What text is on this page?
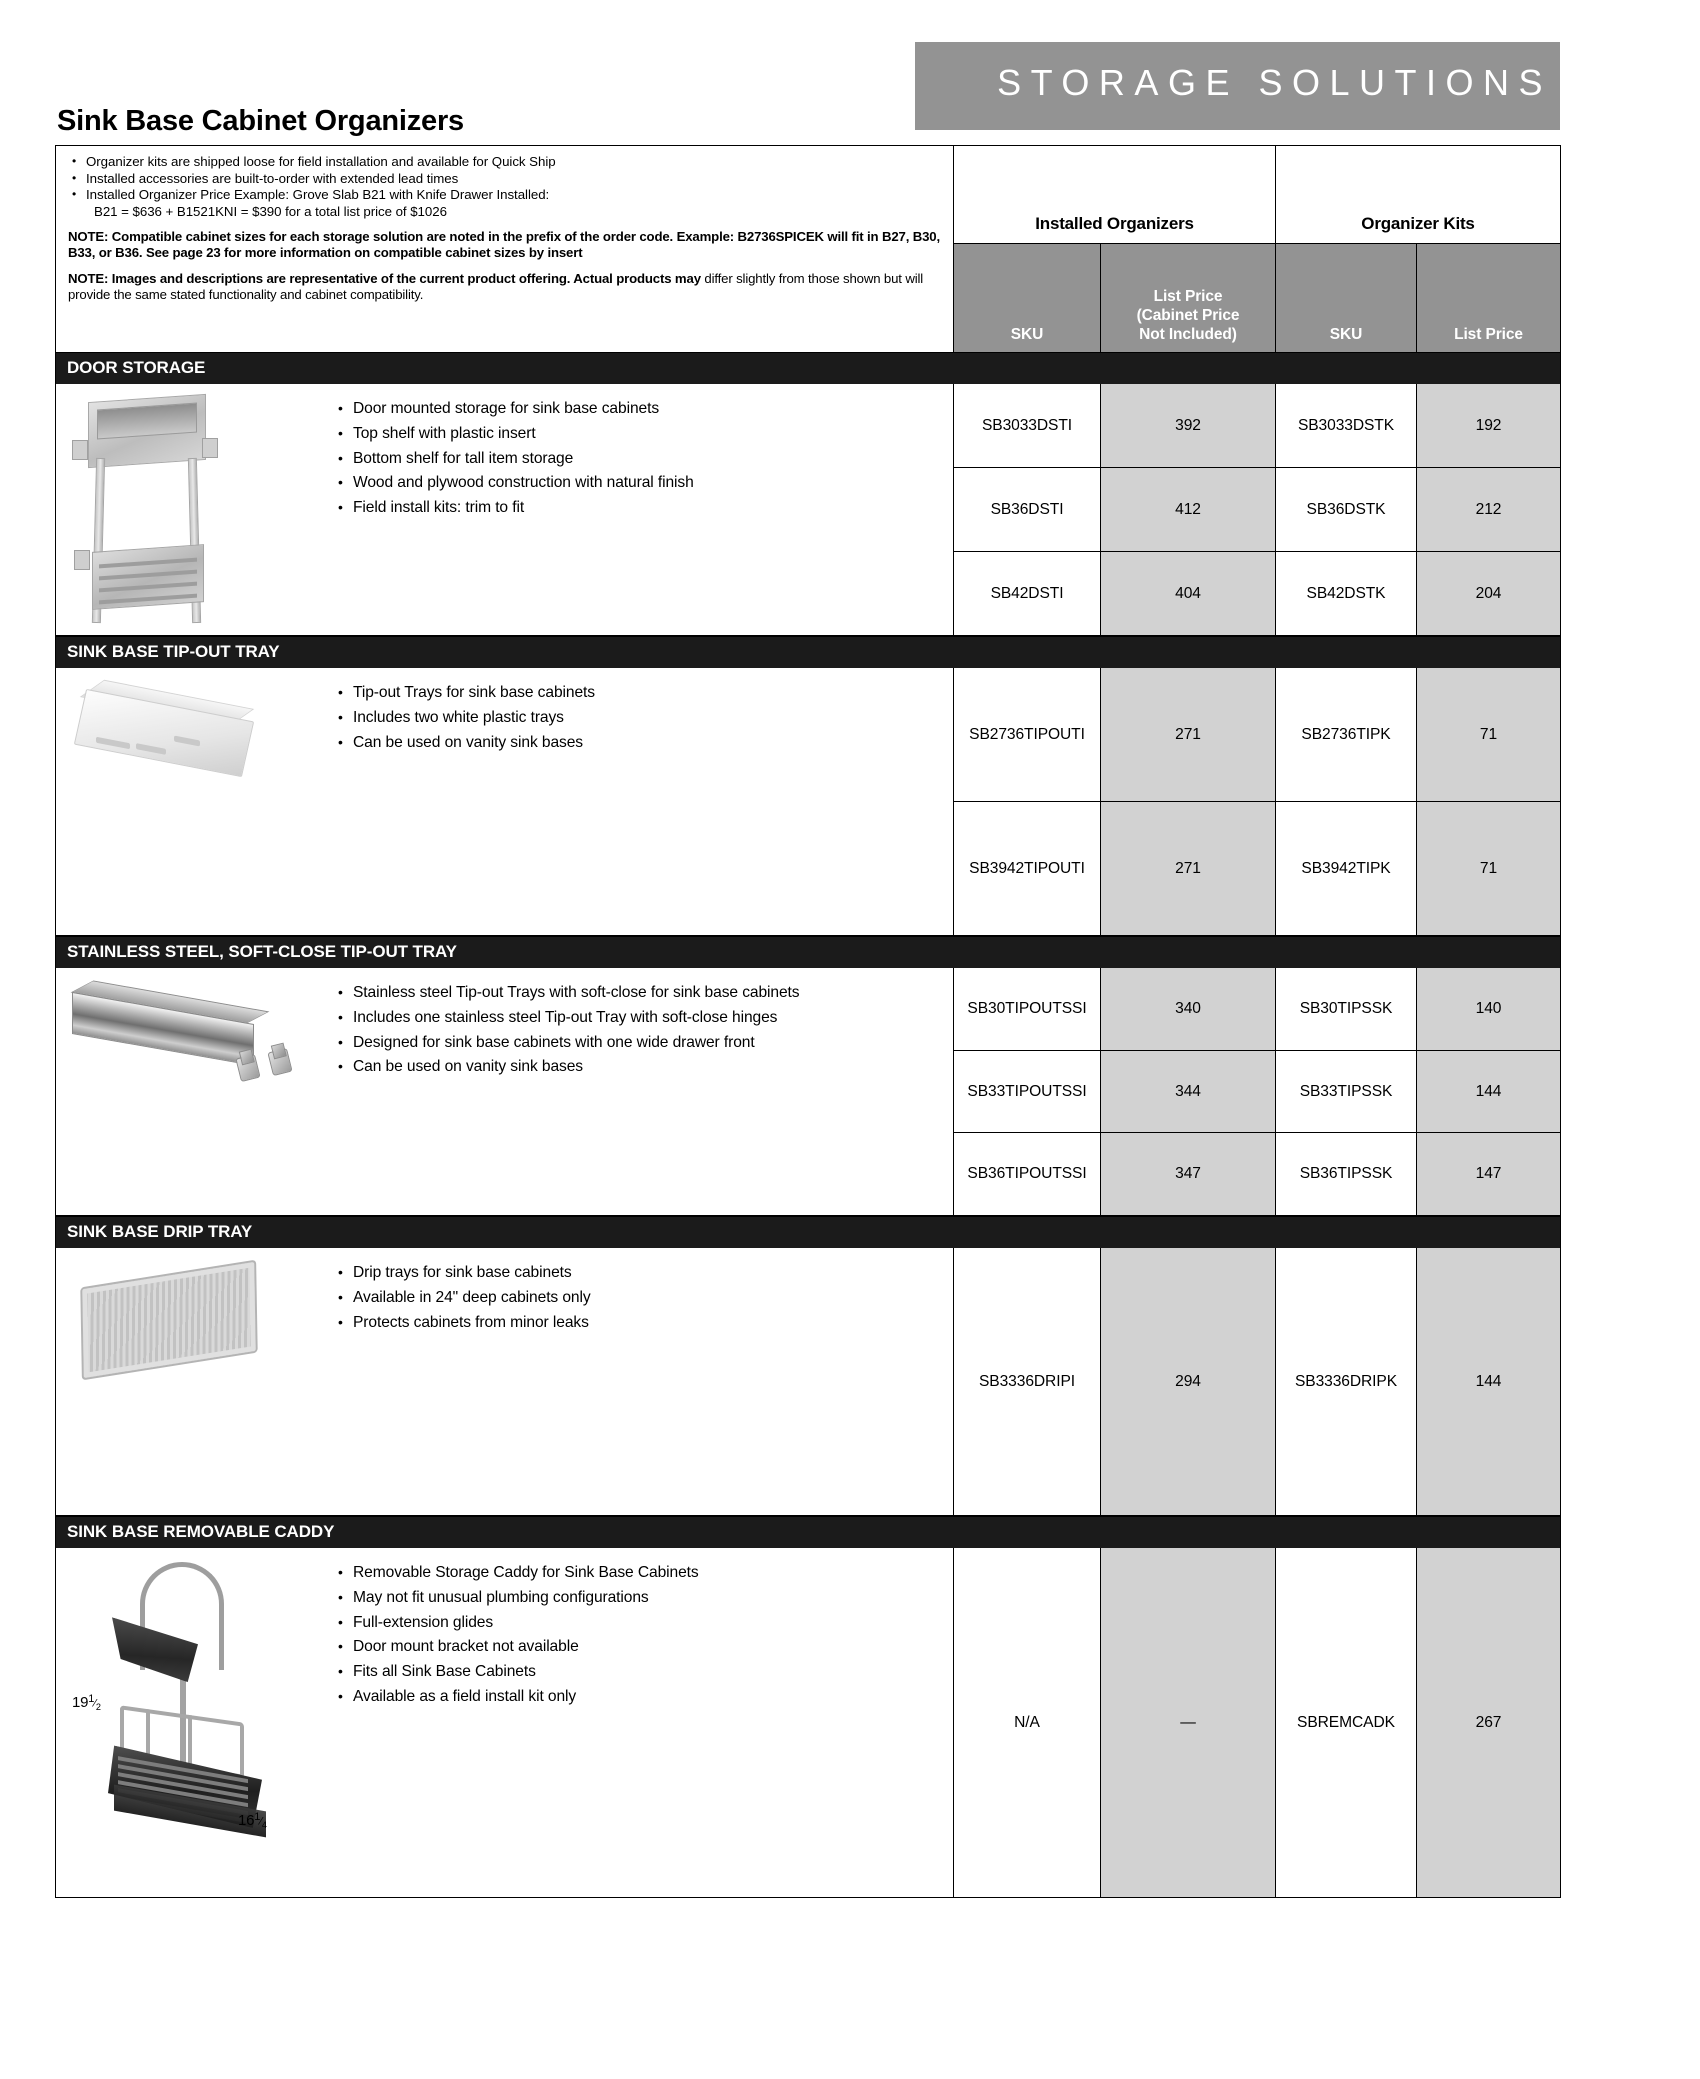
STORAGE SOLUTIONS
Sink Base Cabinet Organizers
• Organizer kits are shipped loose for field installation and available for Quick Ship
• Installed accessories are built-to-order with extended lead times
• Installed Organizer Price Example: Grove Slab B21 with Knife Drawer Installed:
B21 = $636 + B1521KNI = $390 for a total list price of $1026
NOTE: Compatible cabinet sizes for each storage solution are noted in the prefix of the order code. Example: B2736SPICEK will fit in B27, B30, B33, or B36. See page 23 for more information on compatible cabinet sizes by insert
NOTE: Images and descriptions are representative of the current product offering. Actual products may differ slightly from those shown but will provide the same stated functionality and cabinet compatibility.
Installed Organizers	Organizer Kits
SKU
List Price
(Cabinet Price
Not Included)	SKU	List Price
DOOR STORAGE
• Door mounted storage for sink base cabinets
• Top shelf with plastic insert
• Bottom shelf for tall item storage
• Wood and plywood construction with natural finish
• Field install kits: trim to fit
SB3033DSTI	392	SB3033DSTK	192
SB36DSTI	412	SB36DSTK	212
SB42DSTI	404	SB42DSTK	204
SINK BASE TIP-OUT TRAY
• Tip-out Trays for sink base cabinets
• Includes two white plastic trays
• Can be used on vanity sink bases	SB2736TIPOUTI	271	SB2736TIPK	71
SB3942TIPOUTI	271	SB3942TIPK	71
STAINLESS STEEL, SOFT-CLOSE TIP-OUT TRAY
• Stainless steel Tip-out Trays with soft-close for sink base cabinets
• Includes one stainless steel Tip-out Tray with soft-close hinges
• Designed for sink base cabinets with one wide drawer front
• Can be used on vanity sink bases
SB30TIPOUTSSI	340	SB30TIPSSK	140
SB33TIPOUTSSI	344	SB33TIPSSK	144
SB36TIPOUTSSI	347	SB36TIPSSK	147
SINK BASE DRIP TRAY
• Drip trays for sink base cabinets
• Available in 24" deep cabinets only
• Protects cabinets from minor leaks
SB3336DRIPI	294	SB3336DRIPK	144
SINK BASE REMOVABLE CADDY
$19^1⁄_2$
$16^1⁄_4$
• Removable Storage Caddy for Sink Base Cabinets
• May not fit unusual plumbing configurations
• Full-extension glides
• Door mount bracket not available
• Fits all Sink Base Cabinets
• Available as a field install kit only
N/A	—	SBREMCADK	267
